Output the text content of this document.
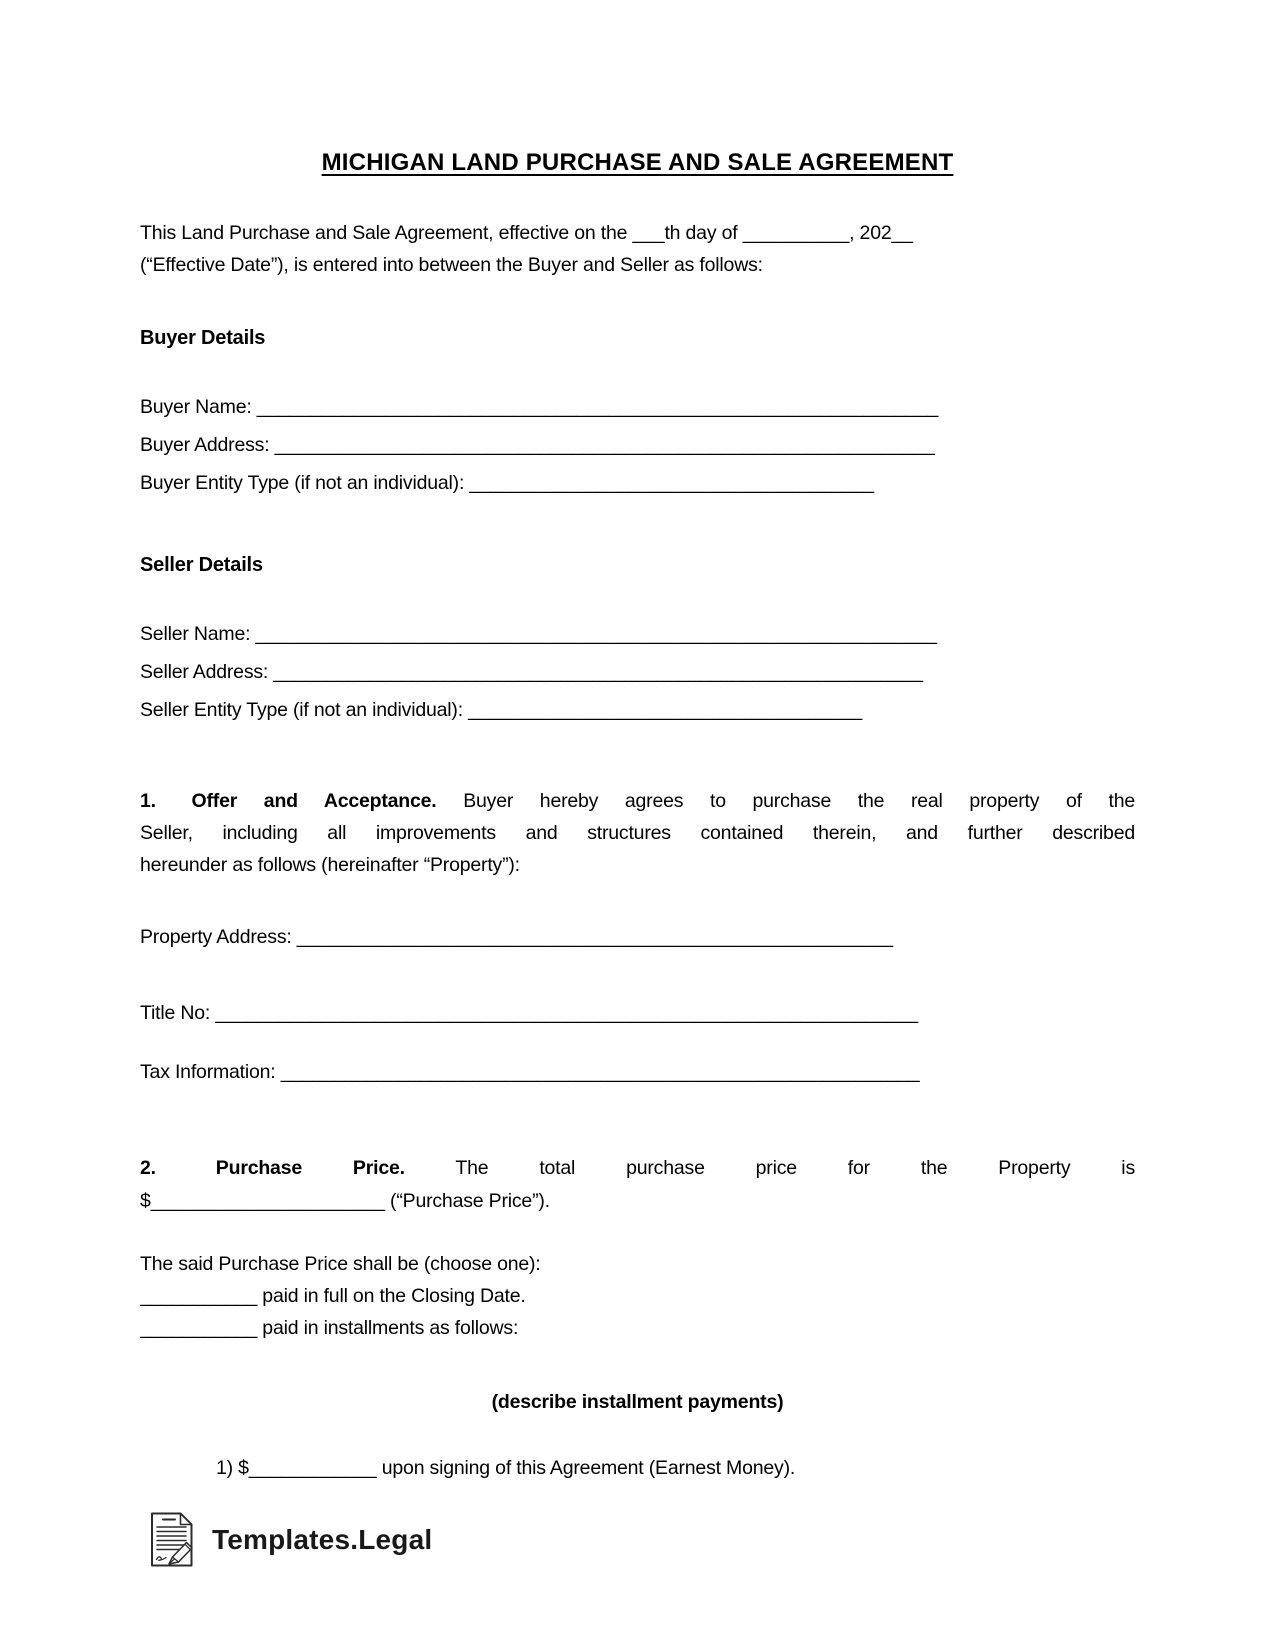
MICHIGAN LAND PURCHASE AND SALE AGREEMENT
This Land Purchase and Sale Agreement, effective on the ___th day of __________, 202__
(“Effective Date”), is entered into between the Buyer and Seller as follows:
Buyer Details
Buyer Name: ________________________________________________________________
Buyer Address: ______________________________________________________________
Buyer Entity Type (if not an individual): ______________________________________
Seller Details
Seller Name: ________________________________________________________________
Seller Address: _____________________________________________________________
Seller Entity Type (if not an individual): _____________________________________
1. Offer and Acceptance. Buyer hereby agrees to purchase the real property of the
Seller, including all improvements and structures contained therein, and further described
hereunder as follows (hereinafter “Property”):
Property Address: ________________________________________________________
Title No: __________________________________________________________________
Tax Information: ____________________________________________________________
2.	Purchase Price.	The total purchase price for the Property is
$______________________ (“Purchase Price”).
The said Purchase Price shall be (choose one):
___________ paid in full on the Closing Date.
___________ paid in installments as follows:
(describe installment payments)
1) $____________ upon signing of this Agreement (Earnest Money).
Templates.Legal
